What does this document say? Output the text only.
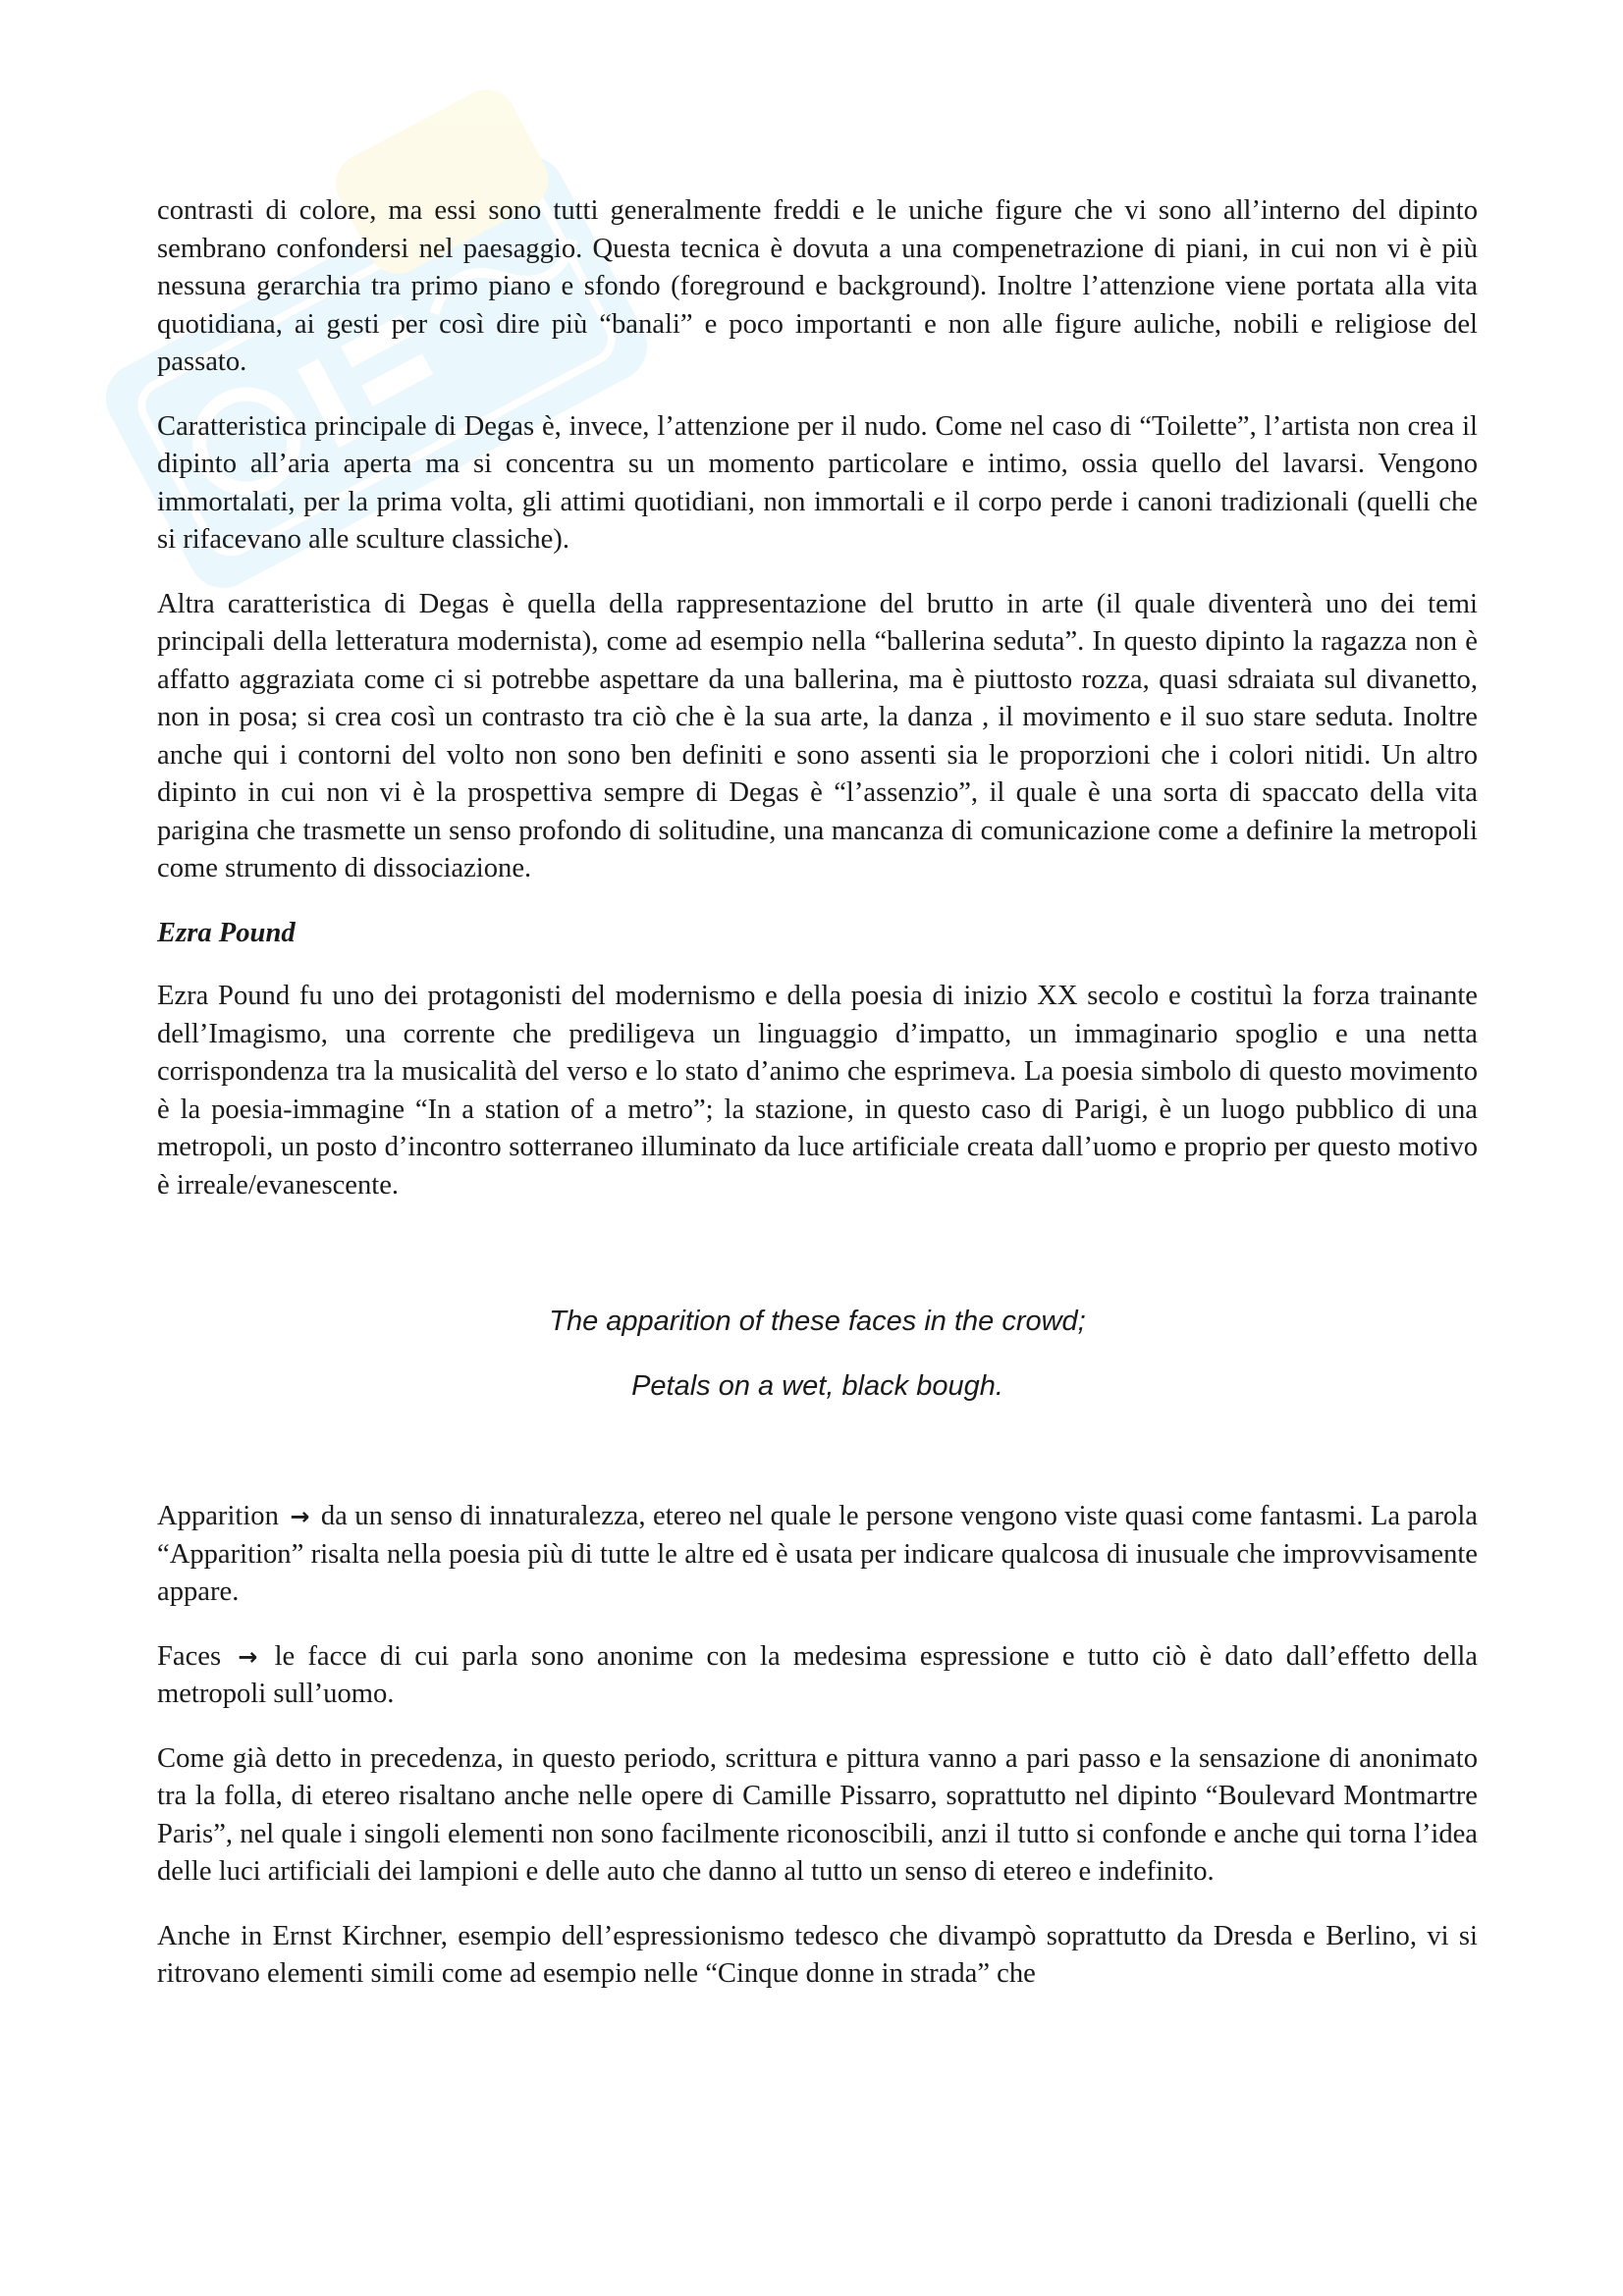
contrasti di colore, ma essi sono tutti generalmente freddi e le uniche figure che vi sono all’interno del dipinto sembrano confondersi nel paesaggio. Questa tecnica è dovuta a una compenetrazione di piani, in cui non vi è più nessuna gerarchia tra primo piano e sfondo (foreground e background). Inoltre l’attenzione viene portata alla vita quotidiana, ai gesti per così dire più “banali” e poco importanti e non alle figure auliche, nobili e religiose del passato.

Caratteristica principale di Degas è, invece, l’attenzione per il nudo. Come nel caso di “Toilette”, l’artista non crea il dipinto all’aria aperta ma si concentra su un momento particolare e intimo, ossia quello del lavarsi. Vengono immortalati, per la prima volta, gli attimi quotidiani, non immortali e il corpo perde i canoni tradizionali (quelli che si rifacevano alle sculture classiche).

Altra caratteristica di Degas è quella della rappresentazione del brutto in arte (il quale diventerà uno dei temi principali della letteratura modernista), come ad esempio nella “ballerina seduta”. In questo dipinto la ragazza non è affatto aggraziata come ci si potrebbe aspettare da una ballerina, ma è piuttosto rozza, quasi sdraiata sul divanetto, non in posa; si crea così un contrasto tra ciò che è la sua arte, la danza , il movimento e il suo stare seduta. Inoltre anche qui i contorni del volto non sono ben definiti e sono assenti sia le proporzioni che i colori nitidi. Un altro dipinto in cui non vi è la prospettiva sempre di Degas è “l’assenzio”, il quale è una sorta di spaccato della vita parigina che trasmette un senso profondo di solitudine, una mancanza di comunicazione come a definire la metropoli come strumento di dissociazione.

Ezra Pound

Ezra Pound fu uno dei protagonisti del modernismo e della poesia di inizio XX secolo e costituì la forza trainante dell’Imagismo, una corrente che prediligeva un linguaggio d’impatto, un immaginario spoglio e una netta corrispondenza tra la musicalità del verso e lo stato d’animo che esprimeva. La poesia simbolo di questo movimento è la poesia-immagine “In a station of a metro”; la stazione, in questo caso di Parigi, è un luogo pubblico di una metropoli, un posto d’incontro sotterraneo illuminato da luce artificiale creata dall’uomo e proprio per questo motivo è irreale/evanescente.

The apparition of these faces in the crowd;

Petals on a wet, black bough.

Apparition → da un senso di innaturalezza, etereo nel quale le persone vengono viste quasi come fantasmi. La parola “Apparition” risalta nella poesia più di tutte le altre ed è usata per indicare qualcosa di inusuale che improvvisamente appare.

Faces → le facce di cui parla sono anonime con la medesima espressione e tutto ciò è dato dall’effetto della metropoli sull’uomo.

Come già detto in precedenza, in questo periodo, scrittura e pittura vanno a pari passo e la sensazione di anonimato tra la folla, di etereo risaltano anche nelle opere di Camille Pissarro, soprattutto nel dipinto “Boulevard Montmartre Paris”, nel quale i singoli elementi non sono facilmente riconoscibili, anzi il tutto si confonde e anche qui torna l’idea delle luci artificiali dei lampioni e delle auto che danno al tutto un senso di etereo e indefinito.

Anche in Ernst Kirchner, esempio dell’espressionismo tedesco che divampò soprattutto da Dresda e Berlino, vi si ritrovano elementi simili come ad esempio nelle “Cinque donne in strada” che
